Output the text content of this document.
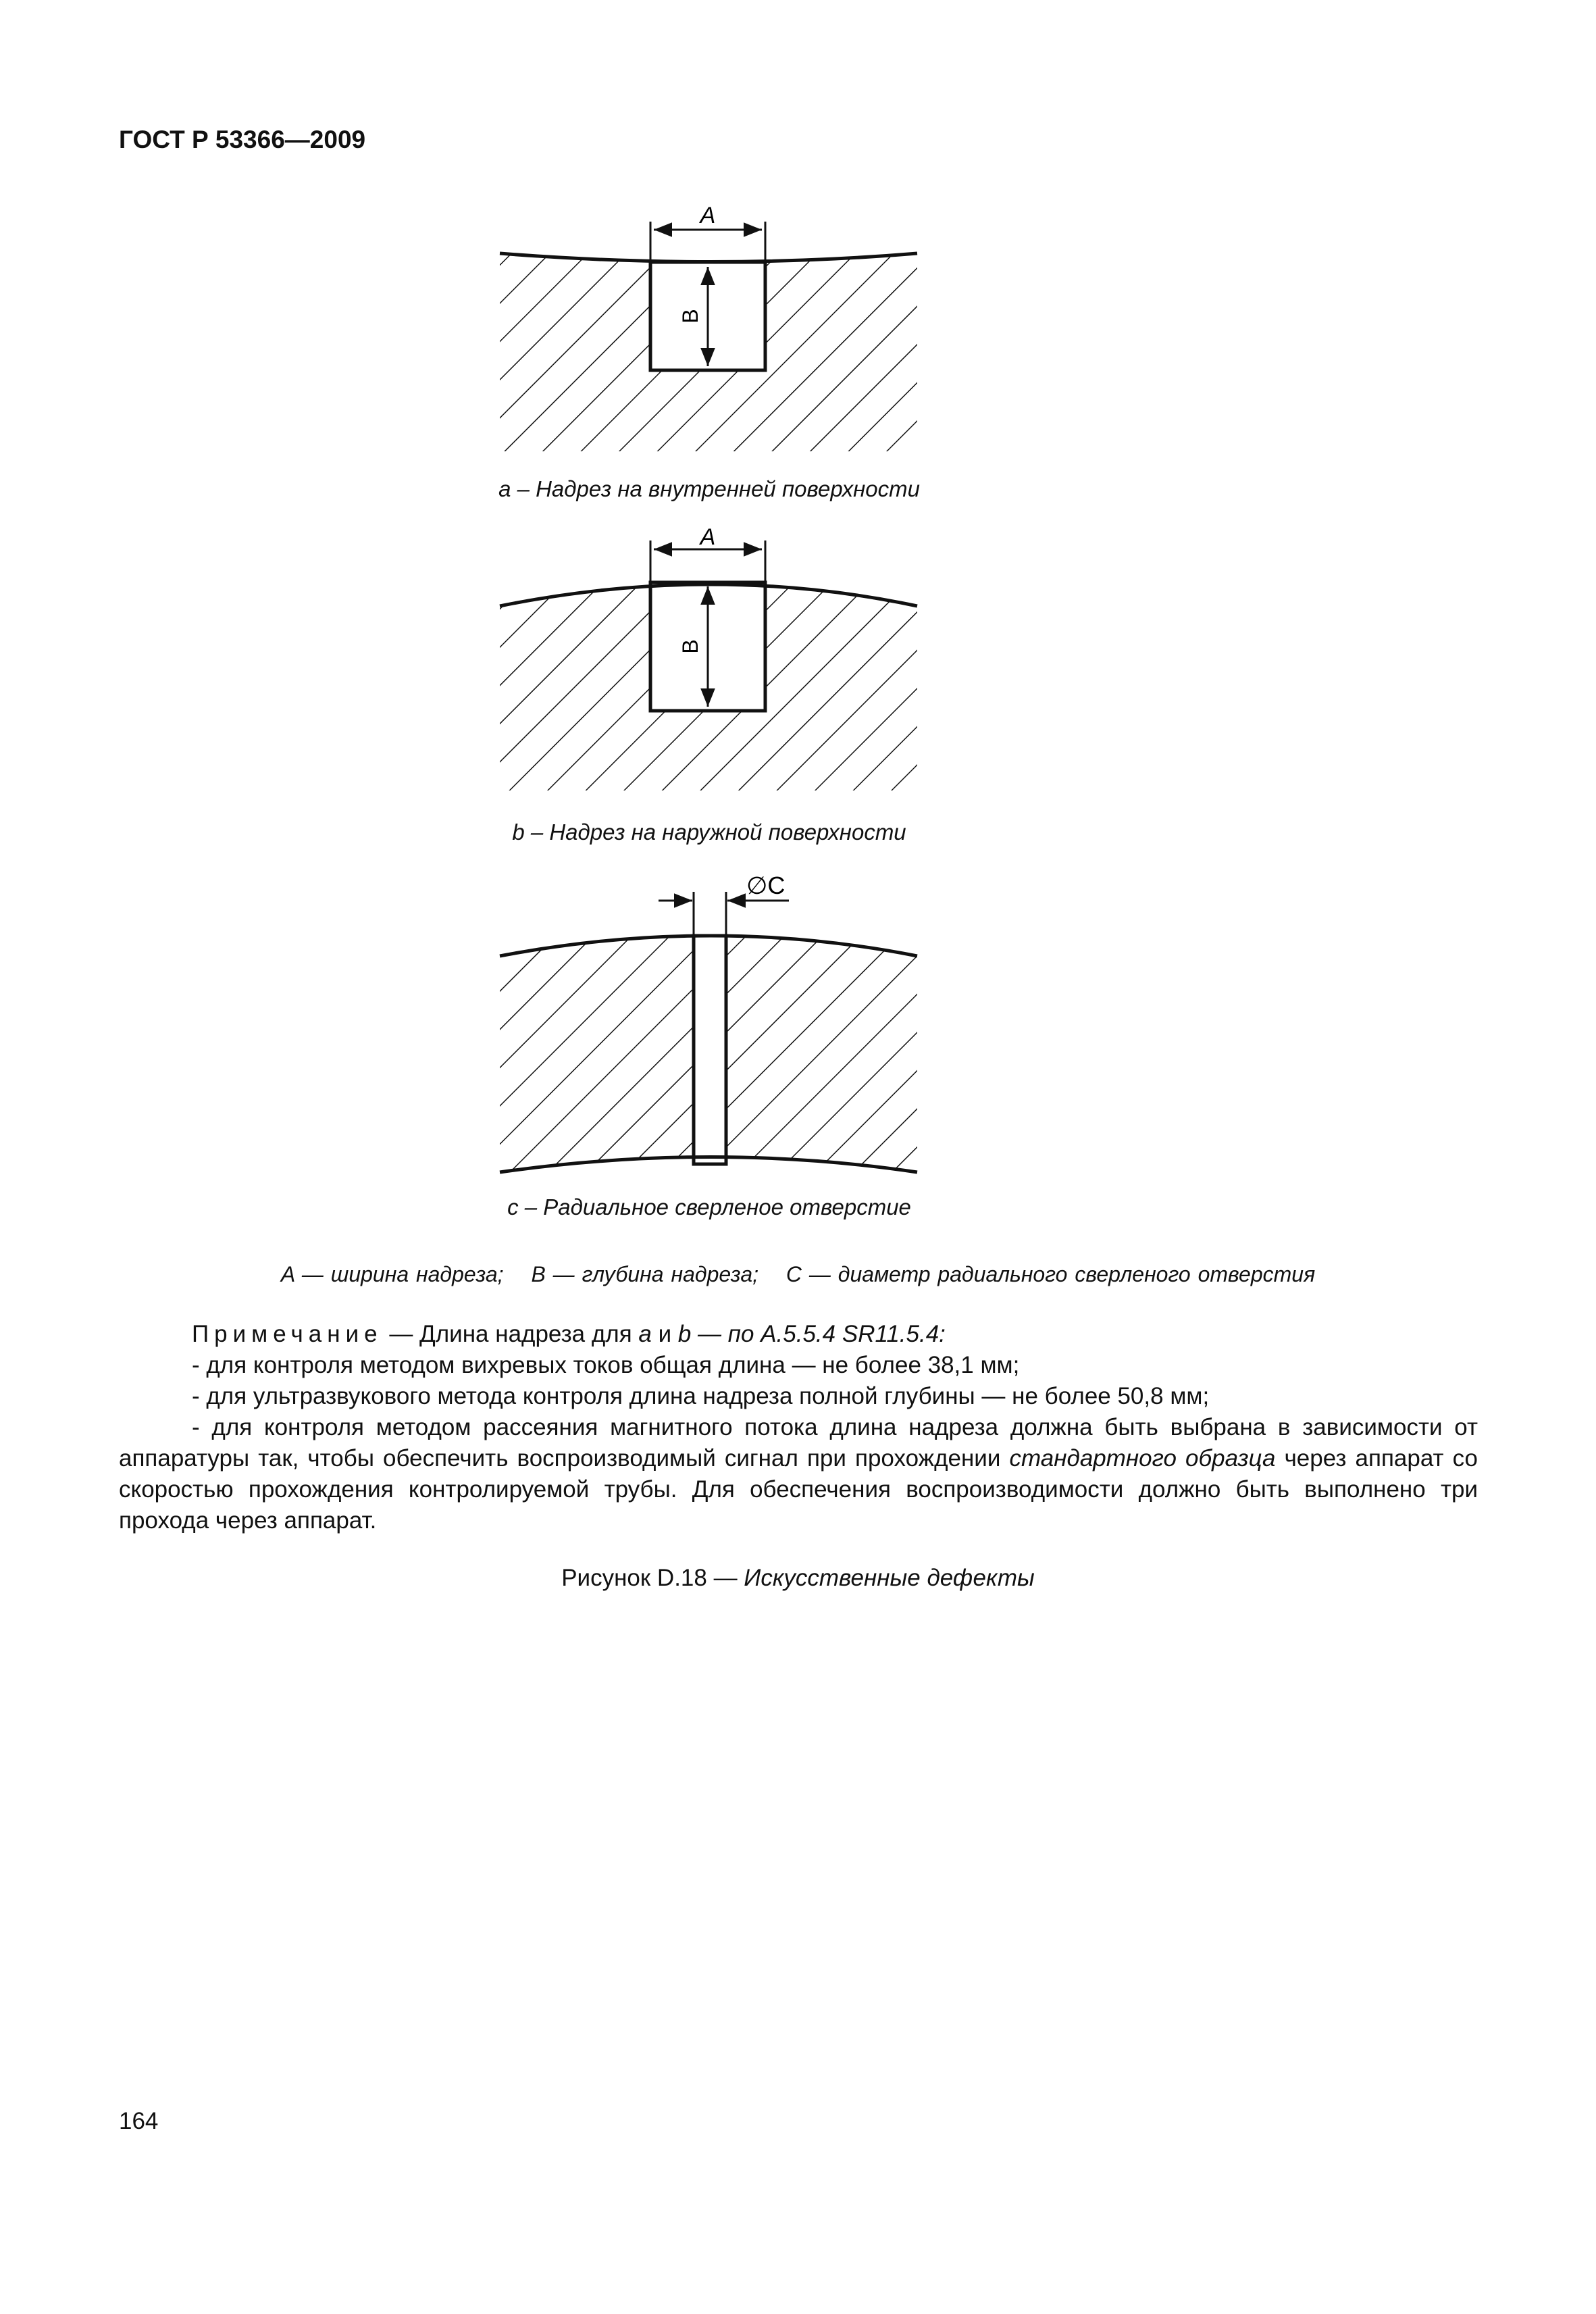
ГОСТ Р 53366—2009
A
B
A
B
∅C
a – Надрез на внутренней поверхности
b – Надрез на наружной поверхности
c – Радиальное сверленое отверстие
A — ширина надреза; B — глубина надреза; C — диаметр радиального сверленого отверстия

Примечание — Длина надреза для a и b — по А.5.5.4 SR11.5.4:

- для контроля методом вихревых токов общая длина — не более 38,1 мм;

- для ультразвукового метода контроля длина надреза полной глубины — не более 50,8 мм;

- для контроля методом рассеяния магнитного потока длина надреза должна быть выбрана в зависимости от аппаратуры так, чтобы обеспечить воспроизводимый сигнал при прохождении стандартного образца через аппарат со скоростью прохождения контролируемой трубы. Для обеспечения воспроизводимости должно быть выполнено три прохода через аппарат.

Рисунок D.18 — Искусственные дефекты
164
